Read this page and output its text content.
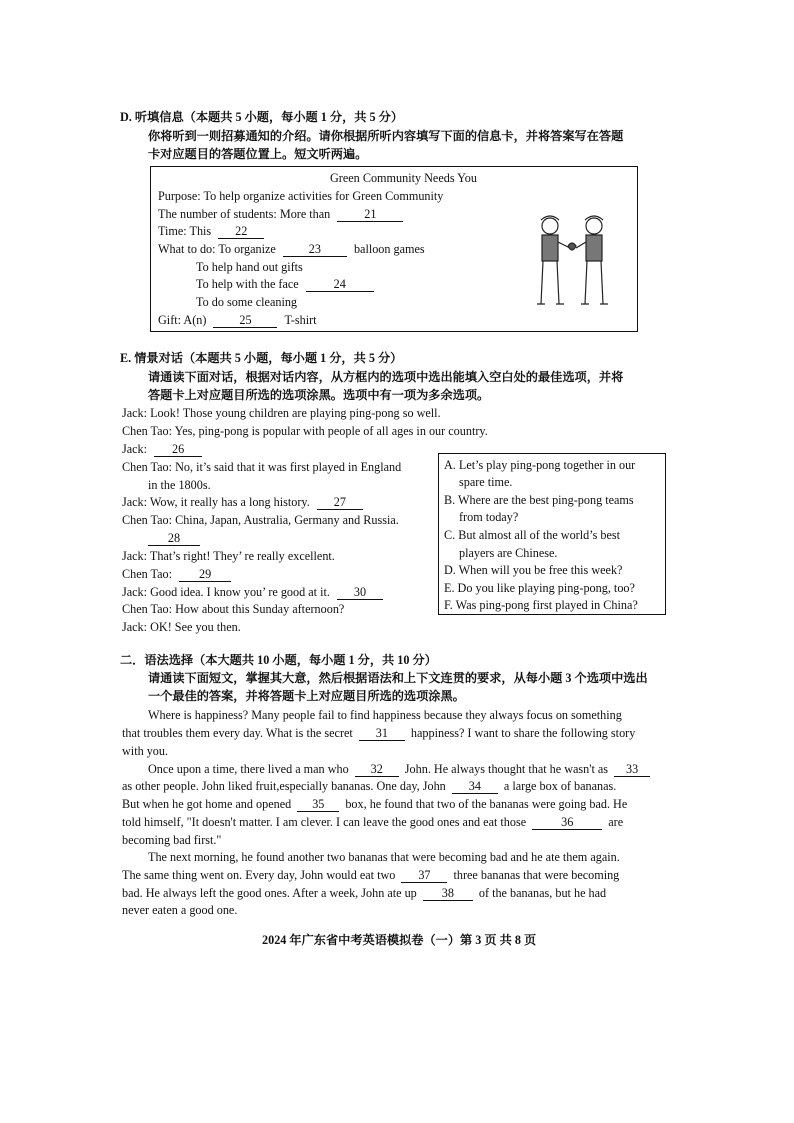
D. 听填信息（本题共 5 小题，每小题 1 分，共 5 分）
你将听到一则招募通知的介绍。请你根据所听内容填写下面的信息卡，并将答案写在答题
卡对应题目的答题位置上。短文听两遍。
Green Community Needs You
Purpose: To help organize activities for Green Community
The number of students: More than	21
Time: This 22
What to do: To organize	23	balloon games
To help hand out gifts
To help with the face	24
To do some cleaning
Gift: A(n)	25	T-shirt
E. 情景对话（本题共 5 小题，每小题 1 分，共 5 分）
请通读下面对话，根据对话内容，从方框内的选项中选出能填入空白处的最佳选项，并将
答题卡上对应题目所选的选项涂黑。选项中有一项为多余选项。
Jack: Look! Those young children are playing ping-pong so well.
Chen Tao: Yes, ping-pong is popular with people of all ages in our country.
Jack: 26
Chen Tao: No, it’s said that it was first played in England
in the 1800s.
Jack: Wow, it really has a long history. 27
Chen Tao: China, Japan, Australia, Germany and Russia.
28
Jack: That’s right! They’ re really excellent.
Chen Tao: 29
Jack: Good idea. I know you’ re good at it. 30
Chen Tao: How about this Sunday afternoon?
Jack: OK! See you then.
A. Let’s play ping-pong together in our
spare time.
B. Where are the best ping-pong teams
from today?
C. But almost all of the world’s best
players are Chinese.
D. When will you be free this week?
E. Do you like playing ping-pong, too?
F. Was ping-pong first played in China?
二．语法选择（本大题共 10 小题，每小题 1 分，共 10 分）
请通读下面短文，掌握其大意，然后根据语法和上下文连贯的要求，从每小题 3 个选项中选出
一个最佳的答案，并将答题卡上对应题目所选的选项涂黑。
Where is happiness? Many people fail to find happiness because they always focus on something
that troubles them every day. What is the secret 31 happiness? I want to share the following story
with you.
Once upon a time, there lived a man who 32 John. He always thought that he wasn't as 33
as other people. John liked fruit,especially bananas. One day, John 34 a large box of bananas.
But when he got home and opened 35 box, he found that two of the bananas were going bad. He
told himself, "It doesn't matter. I am clever. I can leave the good ones and eat those	36	are
becoming bad first."
The next morning, he found another two bananas that were becoming bad and he ate them again.
The same thing went on. Every day, John would eat two 37 three bananas that were becoming
bad. He always left the good ones. After a week, John ate up 38 of the bananas, but he had
never eaten a good one.
2024 年广东省中考英语模拟卷（一）第 3 页 共 8 页
